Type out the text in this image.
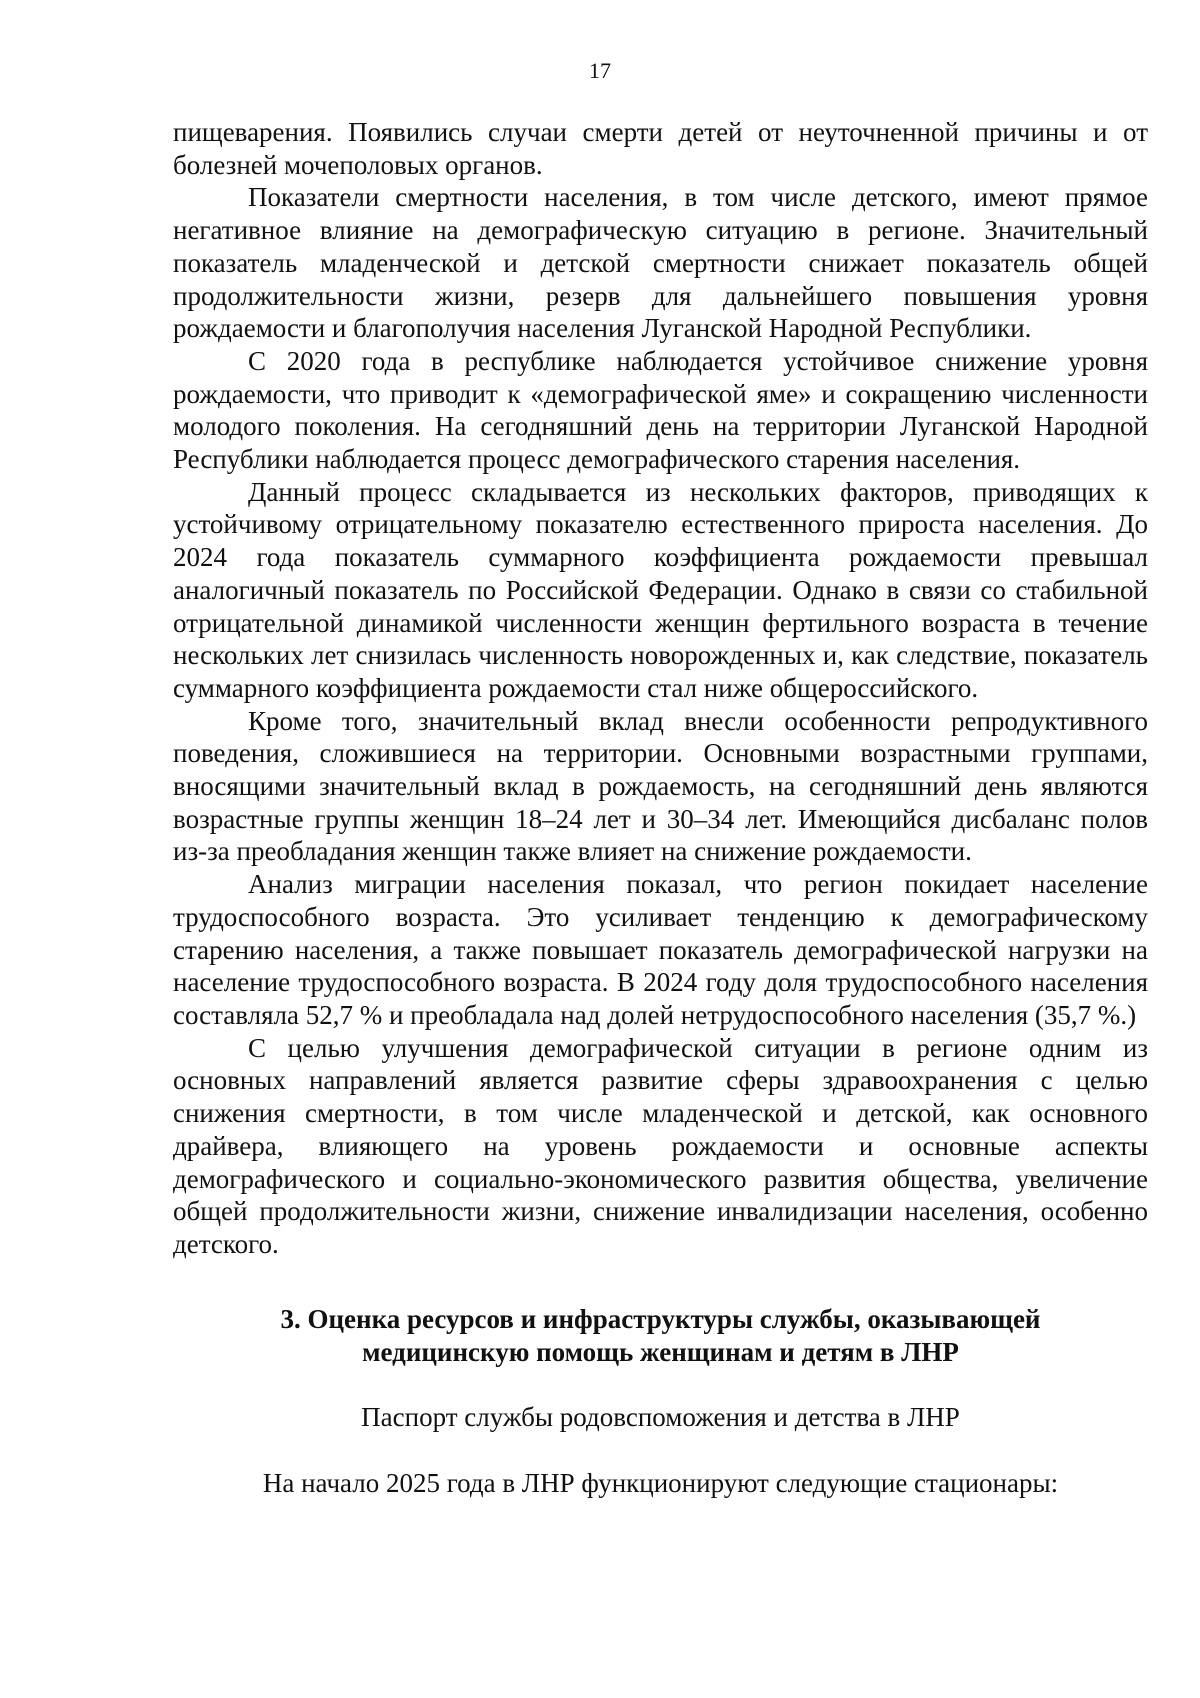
17

пищеварения. Появились случаи смерти детей от неуточненной причины и от болезней мочеполовых органов.

Показатели смертности населения, в том числе детского, имеют прямое негативное влияние на демографическую ситуацию в регионе. Значительный показатель младенческой и детской смертности снижает показатель общей продолжительности жизни, резерв для дальнейшего повышения уровня рождаемости и благополучия населения Луганской Народной Республики.

С 2020 года в республике наблюдается устойчивое снижение уровня рождаемости, что приводит к «демографической яме» и сокращению численности молодого поколения. На сегодняшний день на территории Луганской Народной Республики наблюдается процесс демографического старения населения.

Данный процесс складывается из нескольких факторов, приводящих к устойчивому отрицательному показателю естественного прироста населения. До 2024 года показатель суммарного коэффициента рождаемости превышал аналогичный показатель по Российской Федерации. Однако в связи со стабильной отрицательной динамикой численности женщин фертильного возраста в течение нескольких лет снизилась численность новорожденных и, как следствие, показатель суммарного коэффициента рождаемости стал ниже общероссийского.

Кроме того, значительный вклад внесли особенности репродуктивного поведения, сложившиеся на территории. Основными возрастными группами, вносящими значительный вклад в рождаемость, на сегодняшний день являются возрастные группы женщин 18–24 лет и 30–34 лет. Имеющийся дисбаланс полов из-за преобладания женщин также влияет на снижение рождаемости.

Анализ миграции населения показал, что регион покидает население трудоспособного возраста. Это усиливает тенденцию к демографическому старению населения, а также повышает показатель демографической нагрузки на население трудоспособного возраста. В 2024 году доля трудоспособного населения составляла 52,7 % и преобладала над долей нетрудоспособного населения (35,7 %.)

С целью улучшения демографической ситуации в регионе одним из основных направлений является развитие сферы здравоохранения с целью снижения смертности, в том числе младенческой и детской, как основного драйвера, влияющего на уровень рождаемости и основные аспекты демографического и социально-экономического развития общества, увеличение общей продолжительности жизни, снижение инвалидизации населения, особенно детского.

3. Оценка ресурсов и инфраструктуры службы, оказывающей
медицинскую помощь женщинам и детям в ЛНР
Паспорт службы родовспоможения и детства в ЛНР
На начало 2025 года в ЛНР функционируют следующие стационары:
